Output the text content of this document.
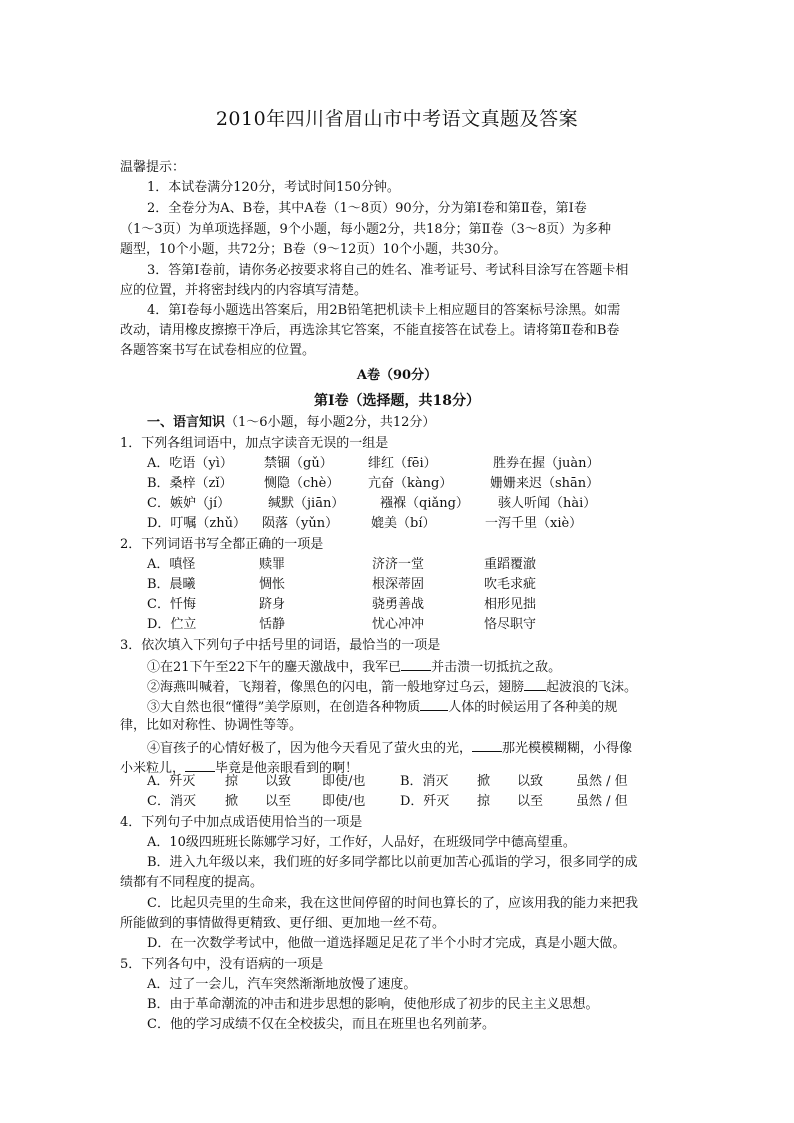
2010年四川省眉山市中考语文真题及答案
温馨提示：
1．本试卷满分120分，考试时间150分钟。
2．全卷分为A、B卷，其中A卷（1～8页）90分，分为第Ⅰ卷和第Ⅱ卷，第Ⅰ卷
（1～3页）为单项选择题，9个小题，每小题2分，共18分；第Ⅱ卷（3～8页）为多种
题型，10个小题，共72分；B卷（9～12页）10个小题，共30分。
3．答第Ⅰ卷前，请你务必按要求将自己的姓名、准考证号、考试科目涂写在答题卡相
应的位置，并将密封线内的内容填写清楚。
4．第Ⅰ卷每小题选出答案后，用2B铅笔把机读卡上相应题目的答案标号涂黑。如需
改动，请用橡皮擦擦干净后，再选涂其它答案，不能直接答在试卷上。请将第Ⅱ卷和B卷
各题答案书写在试卷相应的位置。
A卷（90分）
第Ⅰ卷（选择题，共18分）
一、语言知识（1～6小题，每小题2分，共12分）
1．下列各组词语中，加点字读音无误的一组是
A．吃语（yì） 禁锢（gǔ）	绯红（fēi）	胜券在握（juàn）
B．桑梓（zǐ） 恻隐（chè） 亢奋（kàng）	姗姗来迟（shān）
C．嫉妒（jí）	缄默（jiān）	襁褓（qiǎng） 骇人听闻（hài）
D．叮嘱（zhǔ） 陨落（yǔn）	媲美（bí）	一泻千里（xiè）
2．下列词语书写全都正确的一项是
A．嗔怪	赎罪	济济一堂	重蹈覆澈
B．晨曦	惆怅	根深蒂固	吹毛求疵
C．忏悔	跻身	骁勇善战	相形见拙
D．伫立	恬静	忧心冲冲	恪尽职守
3．依次填入下列句子中括号里的词语，最恰当的一项是
①在21下午至22下午的鏖天激战中，我军已 并击溃一切抵抗之敌。
②海燕叫喊着，飞翔着，像黑色的闪电，箭一般地穿过乌云，翅膀 起波浪的飞沫。
③大自然也很“懂得”美学原则，在创造各种物质 人体的时候运用了各种美的规
律，比如对称性、协调性等等。
④盲孩子的心情好极了，因为他今天看见了萤火虫的光， 那光模模糊糊，小得像
小米粒儿， 毕竟是他亲眼看到的啊！
A．歼灭 掠 以致 即使/也	B．消灭 掀 以致	虽然 / 但
C．消灭 掀 以至 即使/也	D．歼灭 掠 以至	虽然 / 但
4．下列句子中加点成语使用恰当的一项是
A．10级四班班长陈娜学习好，工作好，人品好，在班级同学中德高望重。
B．进入九年级以来，我们班的好多同学都比以前更加苦心孤诣的学习，很多同学的成
绩都有不同程度的提高。
C．比起贝壳里的生命来，我在这世间停留的时间也算长的了，应该用我的能力来把我
所能做到的事情做得更精致、更仔细、更加地一丝不苟。
D．在一次数学考试中，他做一道选择题足足花了半个小时才完成，真是小题大做。
5．下列各句中，没有语病的一项是
A．过了一会儿，汽车突然渐渐地放慢了速度。
B．由于革命潮流的冲击和进步思想的影响，使他形成了初步的民主主义思想。
C．他的学习成绩不仅在全校拔尖，而且在班里也名列前茅。
